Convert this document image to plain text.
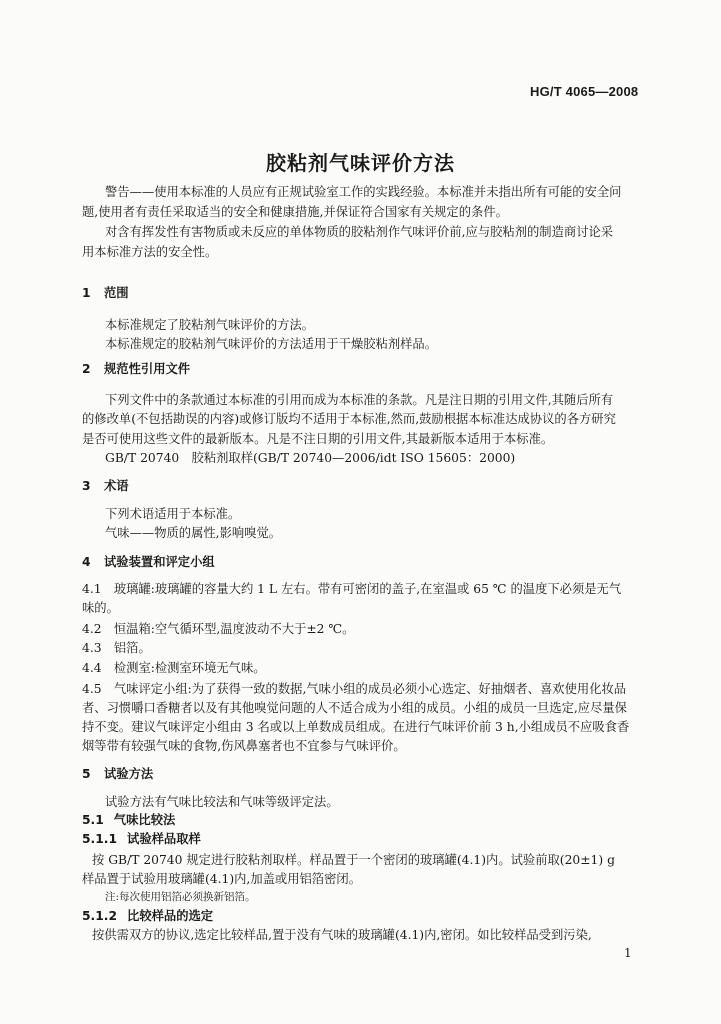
HG/T 4065—2008
胶粘剂气味评价方法
警告——使用本标准的人员应有正规试验室工作的实践经验。本标准并未指出所有可能的安全问
题,使用者有责任采取适当的安全和健康措施,并保证符合国家有关规定的条件。
对含有挥发性有害物质或未反应的单体物质的胶粘剂作气味评价前,应与胶粘剂的制造商讨论采
用本标准方法的安全性。
1 范围
本标准规定了胶粘剂气味评价的方法。
本标准规定的胶粘剂气味评价的方法适用于干燥胶粘剂样品。
2 规范性引用文件
下列文件中的条款通过本标准的引用而成为本标准的条款。凡是注日期的引用文件,其随后所有
的修改单(不包括勘误的内容)或修订版均不适用于本标准,然而,鼓励根据本标准达成协议的各方研究
是否可使用这些文件的最新版本。凡是不注日期的引用文件,其最新版本适用于本标准。
GB/T 20740　胶粘剂取样(GB/T 20740—2006/idt ISO 15605：2000)
3 术语
下列术语适用于本标准。
气味——物质的属性,影响嗅觉。
4 试验装置和评定小组
4.1　玻璃罐:玻璃罐的容量大约 1 L 左右。带有可密闭的盖子,在室温或 65 ℃ 的温度下必须是无气
味的。
4.2　恒温箱:空气循环型,温度波动不大于±2 ℃。
4.3　铝箔。
4.4　检测室:检测室环境无气味。
4.5　气味评定小组:为了获得一致的数据,气味小组的成员必须小心选定、好抽烟者、喜欢使用化妆品
者、习惯嚼口香糖者以及有其他嗅觉问题的人不适合成为小组的成员。小组的成员一旦选定,应尽量保
持不变。建议气味评定小组由 3 名或以上单数成员组成。在进行气味评价前 3 h,小组成员不应吸食香
烟等带有较强气味的食物,伤风鼻塞者也不宜参与气味评价。
5 试验方法
试验方法有气味比较法和气味等级评定法。
5.1 气味比较法
5.1.1 试验样品取样
按 GB/T 20740 规定进行胶粘剂取样。样品置于一个密闭的玻璃罐(4.1)内。试验前取(20±1) g
样品置于试验用玻璃罐(4.1)内,加盖或用铝箔密闭。
注:每次使用铝箔必须换新铝箔。
5.1.2 比较样品的选定
按供需双方的协议,选定比较样品,置于没有气味的玻璃罐(4.1)内,密闭。如比较样品受到污染,
1
